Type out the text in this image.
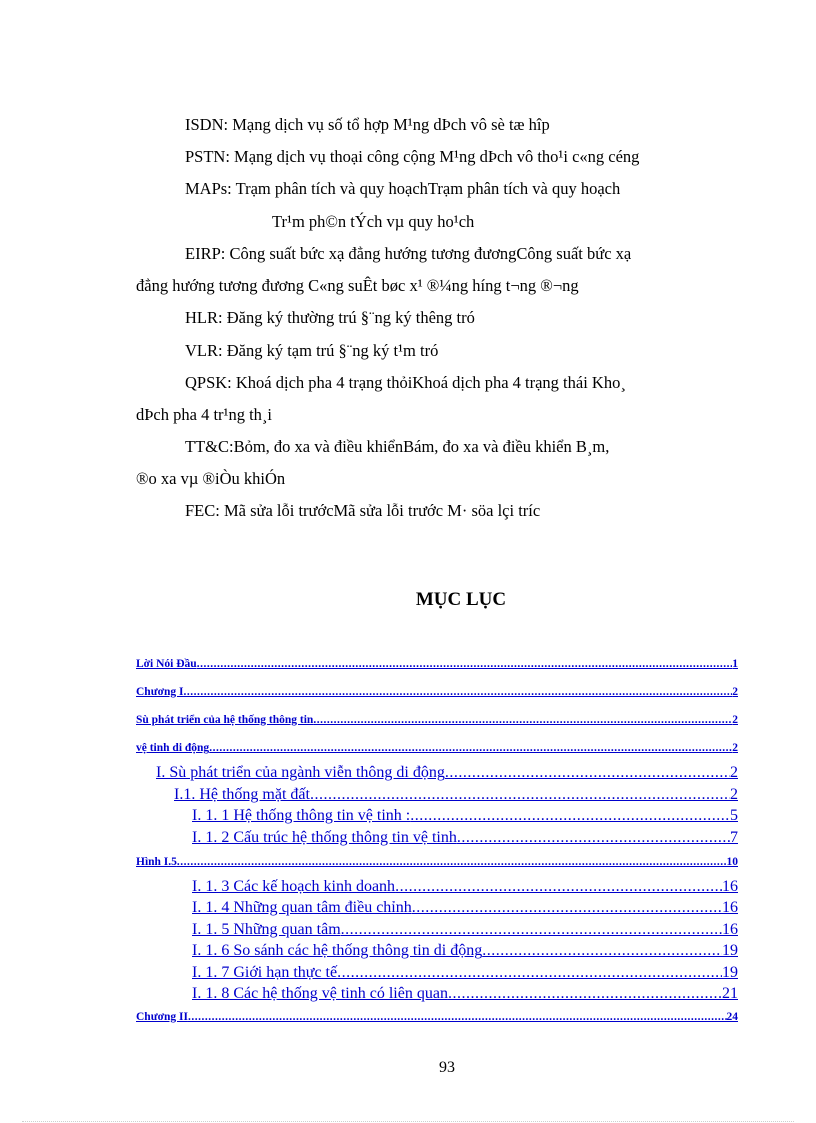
ISDN: Mạng dịch vụ số tổ hợp M¹ng dÞch vô sè tæ hîp
PSTN: Mạng dịch vụ thoại công cộng M¹ng dÞch vô tho¹i c«ng céng
MAPs: Trạm phân tích và quy hoạchTrạm phân tích và quy hoạch
Tr¹m ph©n tÝch vµ quy ho¹ch
EIRP: Công suất bức xạ đẳng hướng tương đươngCông suất bức xạ
đẳng hướng tương đương C«ng suÊt bøc x¹ ®¼ng híng t¬ng ®¬ng
HLR: Đăng ký thường trú §¨ng ký thêng tró
VLR: Đăng ký tạm trú §¨ng ký t¹m tró
QPSK: Khoá dịch pha 4 trạng thỏiKhoá dịch pha 4 trạng thái Kho¸
dÞch pha 4 tr¹ng th¸i
TT&C:Bỏm, đo xa và điều khiểnBám, đo xa và điều khiển B¸m,
®o xa vµ ®iÒu khiÓn
FEC: Mã sửa lỗi trướcMã sửa lỗi trước M· söa lçi tríc
MỤC LỤC
Lời Nói Đầu .....	1
Chương I .....	2
Sù phát triển của hệ thống thông tin .....	2
vệ tinh di động .....	2
I. Sù phát triển của ngành viễn thông di động .....	2
I.1. Hệ thống mặt đất .....	2
I. 1. 1 Hệ thống thông tin vệ tinh : .....	5
I. 1. 2 Cấu trúc hệ thống thông tin vệ tinh .....	7
Hình I.5 .....	10
I. 1. 3 Các kế hoạch kinh doanh .....	16
I. 1. 4 Những quan tâm điều chỉnh .....	16
I. 1. 5 Những quan tâm .....	16
I. 1. 6 So sánh các hệ thống thông tin di động .....	19
I. 1. 7 Giới hạn thực tế .....	19
I. 1. 8 Các hệ thống vệ tinh có liên quan .....	21
Chương II .....	24
93
